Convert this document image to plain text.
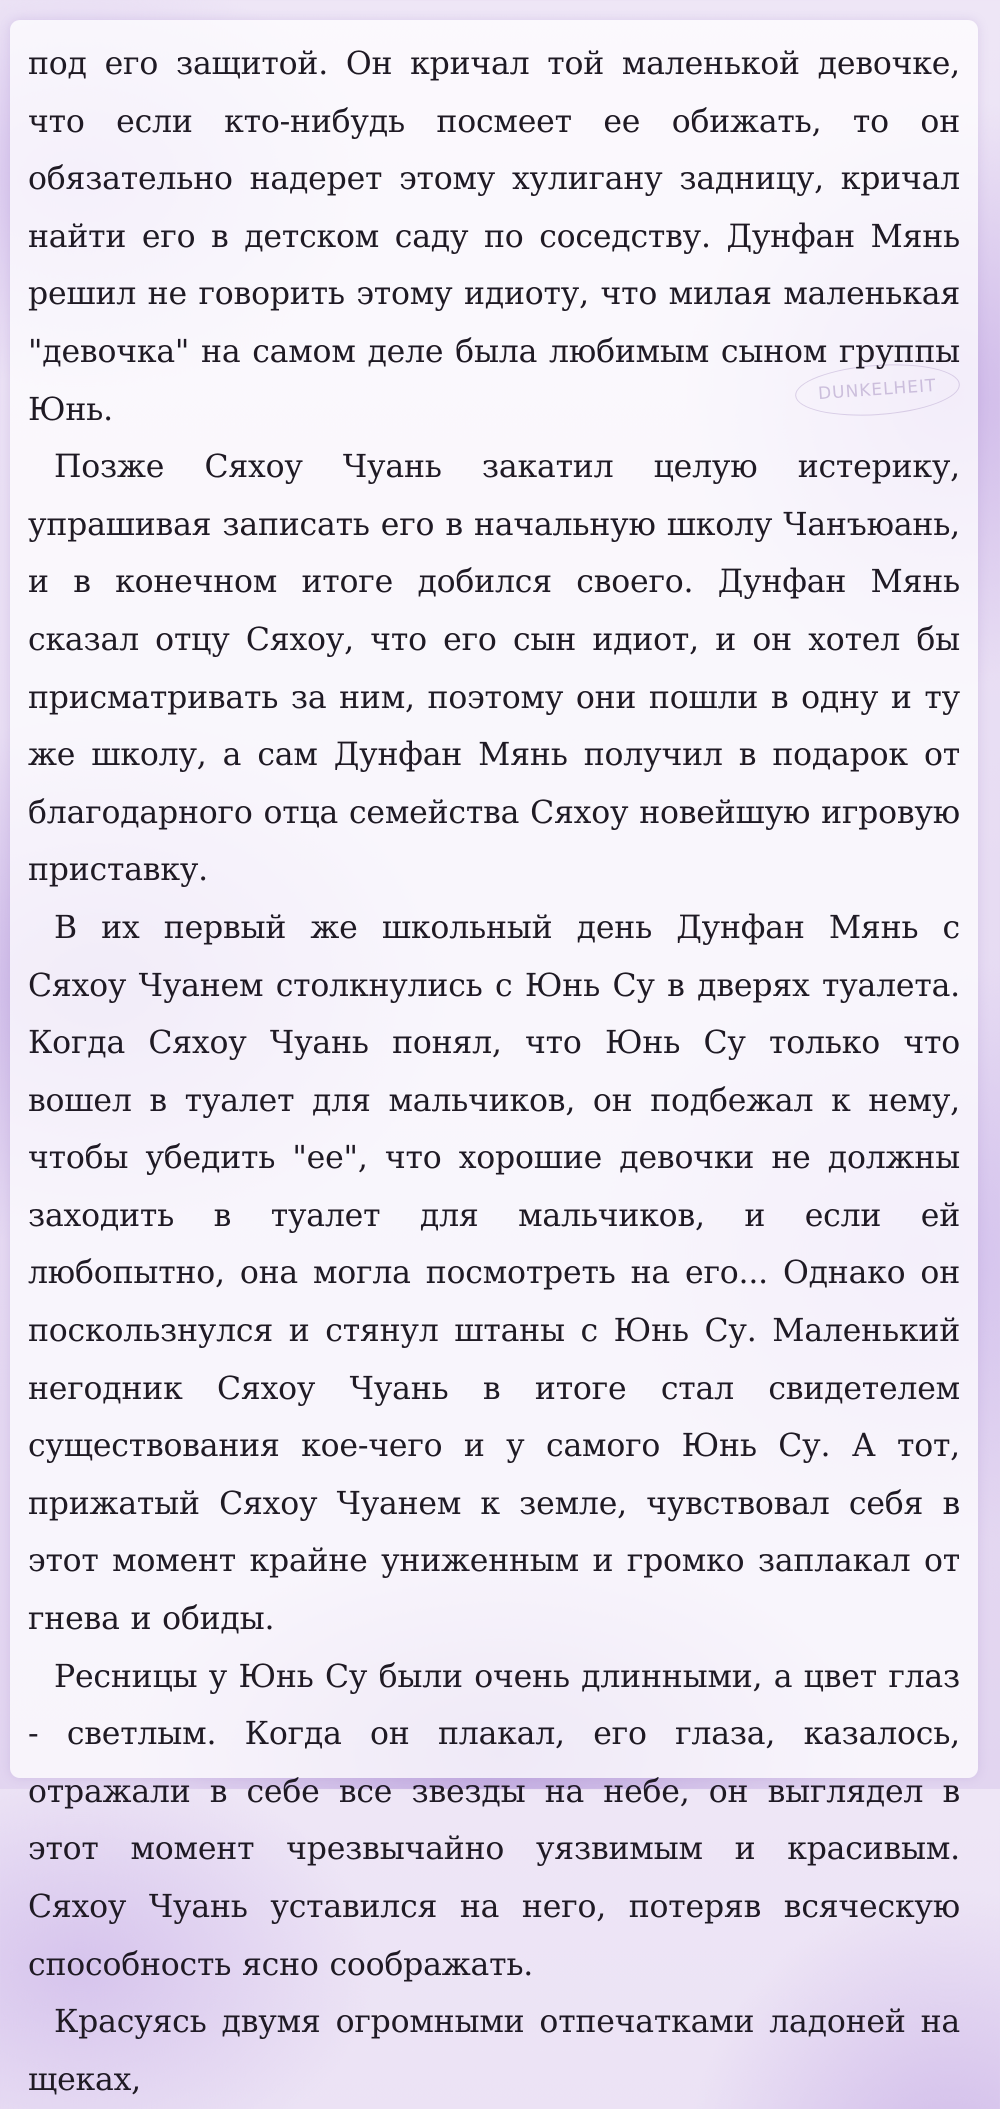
DUNKELHEIT

под его защитой. Он кричал той маленькой девочке, что если кто-нибудь посмеет ее обижать, то он обязательно надерет этому хулигану задницу, кричал найти его в детском саду по соседству. Дунфан Мянь решил не говорить этому идиоту, что милая маленькая "девочка" на самом деле была любимым сыном группы Юнь.

Позже Сяхоу Чуань закатил целую истерику, упрашивая записать его в начальную школу Чанъюань, и в конечном итоге добился своего. Дунфан Мянь сказал отцу Сяхоу, что его сын идиот, и он хотел бы присматривать за ним, поэтому они пошли в одну и ту же школу, а сам Дунфан Мянь получил в подарок от благодарного отца семейства Сяхоу новейшую игровую приставку.

В их первый же школьный день Дунфан Мянь с Сяхоу Чуанем столкнулись с Юнь Су в дверях туалета. Когда Сяхоу Чуань понял, что Юнь Су только что вошел в туалет для мальчиков, он подбежал к нему, чтобы убедить "ее", что хорошие девочки не должны заходить в туалет для мальчиков, и если ей любопытно, она могла посмотреть на его... Однако он поскользнулся и стянул штаны с Юнь Су. Маленький негодник Сяхоу Чуань в итоге стал свидетелем существования кое-чего и у самого Юнь Су. А тот, прижатый Сяхоу Чуанем к земле, чувствовал себя в этот момент крайне униженным и громко заплакал от гнева и обиды.

Ресницы у Юнь Су были очень длинными, а цвет глаз - светлым. Когда он плакал, его глаза, казалось, отражали в себе все звезды на небе, он выглядел в этот момент чрезвычайно уязвимым и красивым. Сяхоу Чуань уставился на него, потеряв всяческую способность ясно соображать.

Красуясь двумя огромными отпечатками ладоней на щеках,
